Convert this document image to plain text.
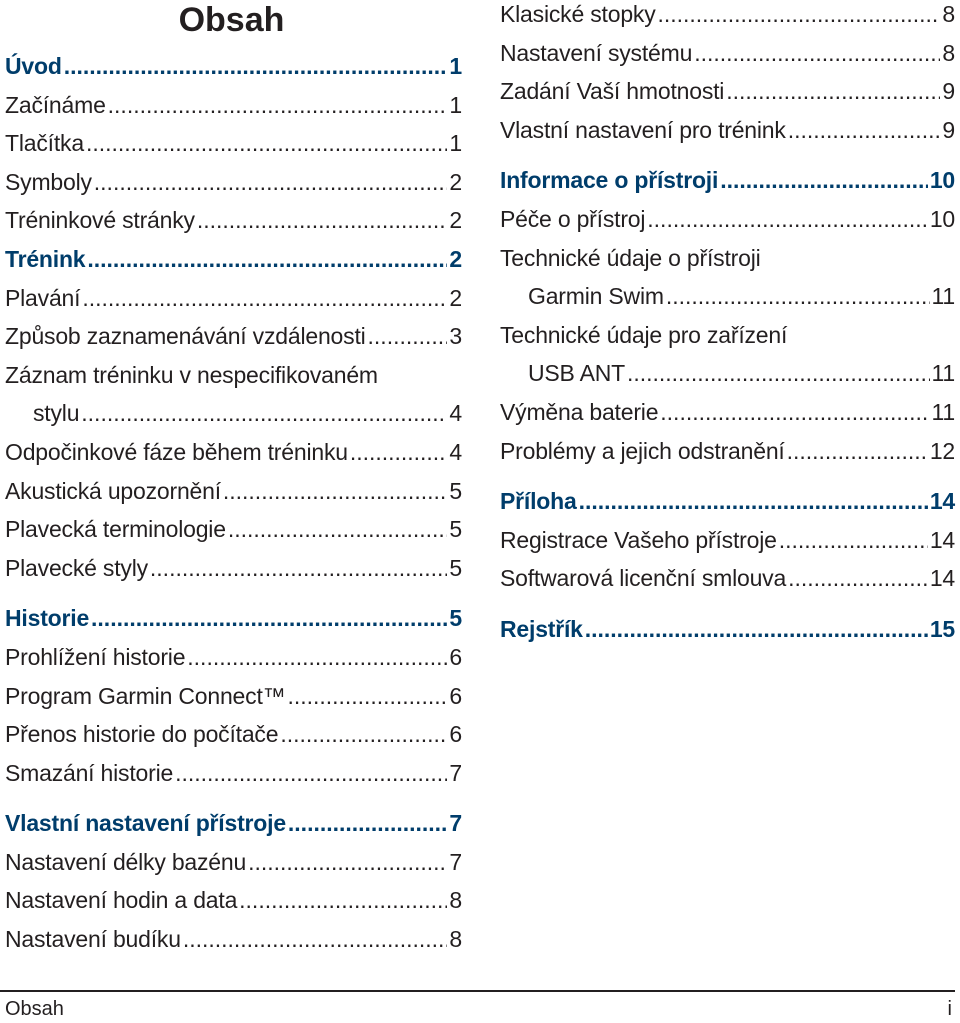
Obsah
Úvod . . .	1
Začínáme . . .	1
Tlačítka . . .	1
Symboly . . .	2
Tréninkové stránky . . .	2
Trénink . . .	2
Plavání . . .	2
Způsob zaznamenávání vzdálenosti . . .	3
Záznam tréninku v nespecifikovaném
stylu . . .	4
Odpočinkové fáze během tréninku . . .	4
Akustická upozornění . . .	5
Plavecká terminologie . . .	5
Plavecké styly . . .	5
Historie . . .	5
Prohlížení historie . . .	6
Program Garmin Connect™ . . .	6
Přenos historie do počítače . . .	6
Smazání historie . . .	7
Vlastní nastavení přístroje . . .	7
Nastavení délky bazénu . . .	7
Nastavení hodin a data . . .	8
Nastavení budíku . . .	8
Klasické stopky . . .	8
Nastavení systému . . .	8
Zadání Vaší hmotnosti . . .	9
Vlastní nastavení pro trénink . . .	9
Informace o přístroji . . .	10
Péče o přístroj . . .	10
Technické údaje o přístroji
Garmin Swim . . .	11
Technické údaje pro zařízení
USB ANT . . .	11
Výměna baterie . . .	11
Problémy a jejich odstranění . . .	12
Příloha . . .	14
Registrace Vašeho přístroje . . .	14
Softwarová licenční smlouva . . .	14
Rejstřík . . .	15
Obsah	i
